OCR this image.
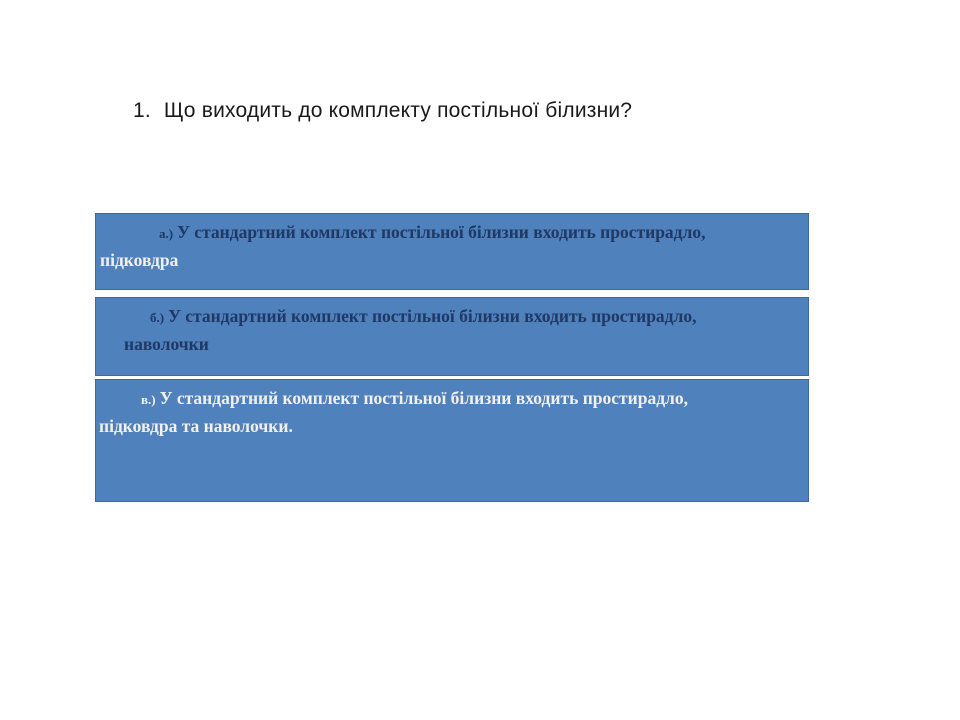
1. Що виходить до комплекту постільної білизни?

а.) У стандартний комплект постільної білизни входить простирадло,

підковдра

б.) У стандартний комплект постільної білизни входить простирадло,

наволочки

в.) У стандартний комплект постільної білизни входить простирадло,

підковдра та наволочки.
